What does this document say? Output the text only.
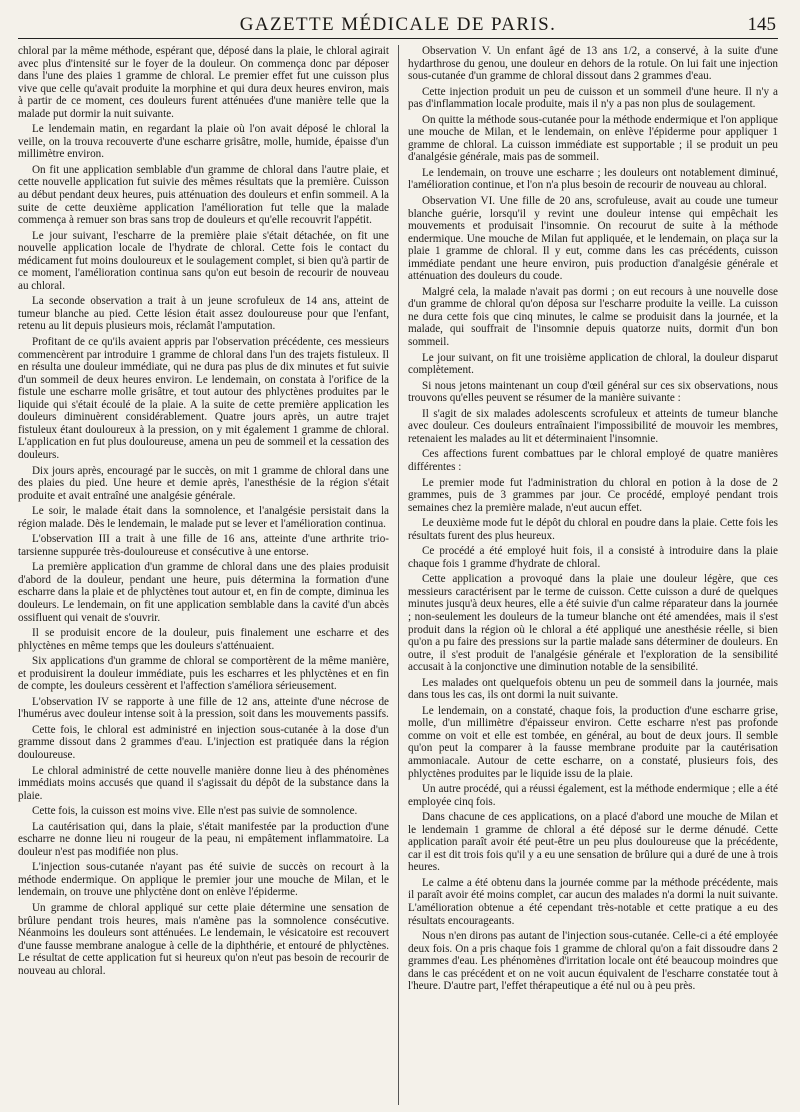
GAZETTE MÉDICALE DE PARIS.	145

chloral par la même méthode, espérant que, déposé dans la plaie, le chloral agirait avec plus d'intensité sur le foyer de la douleur. On commença donc par déposer dans l'une des plaies 1 gramme de chloral. Le premier effet fut une cuisson plus vive que celle qu'avait produite la morphine et qui dura deux heures environ, mais à partir de ce moment, ces douleurs furent atténuées d'une manière telle que la malade put dormir la nuit suivante.

Le lendemain matin, en regardant la plaie où l'on avait déposé le chloral la veille, on la trouva recouverte d'une escharre grisâtre, molle, humide, épaisse d'un millimètre environ.

On fit une application semblable d'un gramme de chloral dans l'autre plaie, et cette nouvelle application fut suivie des mêmes résultats que la première. Cuisson au début pendant deux heures, puis atténuation des douleurs et enfin sommeil. A la suite de cette deuxième application l'amélioration fut telle que la malade commença à remuer son bras sans trop de douleurs et qu'elle recouvrit l'appétit.

Le jour suivant, l'escharre de la première plaie s'était détachée, on fit une nouvelle application locale de l'hydrate de chloral. Cette fois le contact du médicament fut moins douloureux et le soulagement complet, si bien qu'à partir de ce moment, l'amélioration continua sans qu'on eut besoin de recourir de nouveau au chloral.

La seconde observation a trait à un jeune scrofuleux de 14 ans, atteint de tumeur blanche au pied. Cette lésion était assez douloureuse pour que l'enfant, retenu au lit depuis plusieurs mois, réclamât l'amputation.

Profitant de ce qu'ils avaient appris par l'observation précédente, ces messieurs commencèrent par introduire 1 gramme de chloral dans l'un des trajets fistuleux. Il en résulta une douleur immédiate, qui ne dura pas plus de dix minutes et fut suivie d'un sommeil de deux heures environ. Le lendemain, on constata à l'orifice de la fistule une escharre molle grisâtre, et tout autour des phlyctènes produites par le liquide qui s'était écoulé de la plaie. A la suite de cette première application les douleurs diminuèrent considérablement. Quatre jours après, un autre trajet fistuleux étant douloureux à la pression, on y mit également 1 gramme de chloral. L'application en fut plus douloureuse, amena un peu de sommeil et la cessation des douleurs.

Dix jours après, encouragé par le succès, on mit 1 gramme de chloral dans une des plaies du pied. Une heure et demie après, l'anesthésie de la région s'était produite et avait entraîné une analgésie générale.

Le soir, le malade était dans la somnolence, et l'analgésie persistait dans la région malade. Dès le lendemain, le malade put se lever et l'amélioration continua.

L'observation III a trait à une fille de 16 ans, atteinte d'une arthrite trio-tarsienne suppurée très-douloureuse et consécutive à une entorse.

La première application d'un gramme de chloral dans une des plaies produisit d'abord de la douleur, pendant une heure, puis détermina la formation d'une escharre dans la plaie et de phlyctènes tout autour et, en fin de compte, diminua les douleurs. Le lendemain, on fit une application semblable dans la cavité d'un abcès ossifluent qui venait de s'ouvrir.

Il se produisit encore de la douleur, puis finalement une escharre et des phlyctènes en même temps que les douleurs s'atténuaient.

Six applications d'un gramme de chloral se comportèrent de la même manière, et produisirent la douleur immédiate, puis les escharres et les phlyctènes et en fin de compte, les douleurs cessèrent et l'affection s'améliora sérieusement.

L'observation IV se rapporte à une fille de 12 ans, atteinte d'une nécrose de l'humérus avec douleur intense soit à la pression, soit dans les mouvements passifs.

Cette fois, le chloral est administré en injection sous-cutanée à la dose d'un gramme dissout dans 2 grammes d'eau. L'injection est pratiquée dans la région douloureuse.

Le chloral administré de cette nouvelle manière donne lieu à des phénomènes immédiats moins accusés que quand il s'agissait du dépôt de la substance dans la plaie.

Cette fois, la cuisson est moins vive. Elle n'est pas suivie de somnolence.

La cautérisation qui, dans la plaie, s'était manifestée par la production d'une escharre ne donne lieu ni rougeur de la peau, ni empâtement inflammatoire. La douleur n'est pas modifiée non plus.

L'injection sous-cutanée n'ayant pas été suivie de succès on recourt à la méthode endermique. On applique le premier jour une mouche de Milan, et le lendemain, on trouve une phlyctène dont on enlève l'épiderme.

Un gramme de chloral appliqué sur cette plaie détermine une sensation de brûlure pendant trois heures, mais n'amène pas la somnolence consécutive. Néanmoins les douleurs sont atténuées. Le lendemain, le vésicatoire est recouvert d'une fausse membrane analogue à celle de la diphthérie, et entouré de phlyctènes. Le résultat de cette application fut si heureux qu'on n'eut pas besoin de recourir de nouveau au chloral.

Observation V. Un enfant âgé de 13 ans 1/2, a conservé, à la suite d'une hydarthrose du genou, une douleur en dehors de la rotule. On lui fait une injection sous-cutanée d'un gramme de chloral dissout dans 2 grammes d'eau.

Cette injection produit un peu de cuisson et un sommeil d'une heure. Il n'y a pas d'inflammation locale produite, mais il n'y a pas non plus de soulagement.

On quitte la méthode sous-cutanée pour la méthode endermique et l'on applique une mouche de Milan, et le lendemain, on enlève l'épiderme pour appliquer 1 gramme de chloral. La cuisson immédiate est supportable ; il se produit un peu d'analgésie générale, mais pas de sommeil.

Le lendemain, on trouve une escharre ; les douleurs ont notablement diminué, l'amélioration continue, et l'on n'a plus besoin de recourir de nouveau au chloral.

Observation VI. Une fille de 20 ans, scrofuleuse, avait au coude une tumeur blanche guérie, lorsqu'il y revint une douleur intense qui empêchait les mouvements et produisait l'insomnie. On recourut de suite à la méthode endermique. Une mouche de Milan fut appliquée, et le lendemain, on plaça sur la plaie 1 gramme de chloral. Il y eut, comme dans les cas précédents, cuisson immédiate pendant une heure environ, puis production d'analgésie générale et atténuation des douleurs du coude.

Malgré cela, la malade n'avait pas dormi ; on eut recours à une nouvelle dose d'un gramme de chloral qu'on déposa sur l'escharre produite la veille. La cuisson ne dura cette fois que cinq minutes, le calme se produisit dans la journée, et la malade, qui souffrait de l'insomnie depuis quatorze nuits, dormit d'un bon sommeil.

Le jour suivant, on fit une troisième application de chloral, la douleur disparut complètement.

Si nous jetons maintenant un coup d'œil général sur ces six observations, nous trouvons qu'elles peuvent se résumer de la manière suivante :

Il s'agit de six malades adolescents scrofuleux et atteints de tumeur blanche avec douleur. Ces douleurs entraînaient l'impossibilité de mouvoir les membres, retenaient les malades au lit et déterminaient l'insomnie.

Ces affections furent combattues par le chloral employé de quatre manières différentes :

Le premier mode fut l'administration du chloral en potion à la dose de 2 grammes, puis de 3 grammes par jour. Ce procédé, employé pendant trois semaines chez la première malade, n'eut aucun effet.

Le deuxième mode fut le dépôt du chloral en poudre dans la plaie. Cette fois les résultats furent des plus heureux.

Ce procédé a été employé huit fois, il a consisté à introduire dans la plaie chaque fois 1 gramme d'hydrate de chloral.

Cette application a provoqué dans la plaie une douleur légère, que ces messieurs caractérisent par le terme de cuisson. Cette cuisson a duré de quelques minutes jusqu'à deux heures, elle a été suivie d'un calme réparateur dans la journée ; non-seulement les douleurs de la tumeur blanche ont été amendées, mais il s'est produit dans la région où le chloral a été appliqué une anesthésie réelle, si bien qu'on a pu faire des pressions sur la partie malade sans déterminer de douleurs. En outre, il s'est produit de l'analgésie générale et l'exploration de la sensibilité accusait à la conjonctive une diminution notable de la sensibilité.

Les malades ont quelquefois obtenu un peu de sommeil dans la journée, mais dans tous les cas, ils ont dormi la nuit suivante.

Le lendemain, on a constaté, chaque fois, la production d'une escharre grise, molle, d'un millimètre d'épaisseur environ. Cette escharre n'est pas profonde comme on voit et elle est tombée, en général, au bout de deux jours. Il semble qu'on peut la comparer à la fausse membrane produite par la cautérisation ammoniacale. Autour de cette escharre, on a constaté, plusieurs fois, des phlyctènes produites par le liquide issu de la plaie.

Un autre procédé, qui a réussi également, est la méthode endermique ; elle a été employée cinq fois.

Dans chacune de ces applications, on a placé d'abord une mouche de Milan et le lendemain 1 gramme de chloral a été déposé sur le derme dénudé. Cette application paraît avoir été peut-être un peu plus douloureuse que la précédente, car il est dit trois fois qu'il y a eu une sensation de brûlure qui a duré de une à trois heures.

Le calme a été obtenu dans la journée comme par la méthode précédente, mais il paraît avoir été moins complet, car aucun des malades n'a dormi la nuit suivante. L'amélioration obtenue a été cependant très-notable et cette pratique a eu des résultats encourageants.

Nous n'en dirons pas autant de l'injection sous-cutanée. Celle-ci a été employée deux fois. On a pris chaque fois 1 gramme de chloral qu'on a fait dissoudre dans 2 grammes d'eau. Les phénomènes d'irritation locale ont été beaucoup moindres que dans le cas précédent et on ne voit aucun équivalent de l'escharre constatée tout à l'heure. D'autre part, l'effet thérapeutique a été nul ou à peu près.
